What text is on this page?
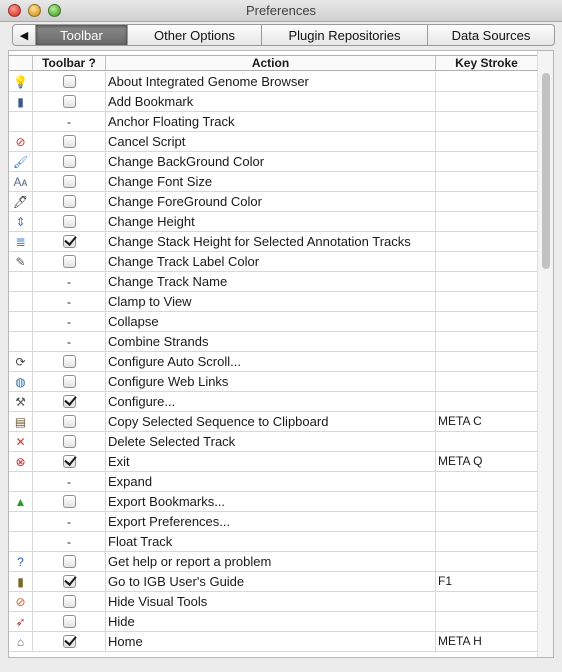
Preferences
◀	Toolbar	Other Options	Plugin Repositories	Data Sources
Toolbar ?	Action	Key Stroke
💡	About Integrated Genome Browser
▮	Add Bookmark
-	Anchor Floating Track
⊘	Cancel Script
🖌	Change BackGround Color
Aᴀ	Change Font Size
🖊	Change ForeGround Color
⇕	Change Height
≣	Change Stack Height for Selected Annotation Tracks
✎	Change Track Label Color
-	Change Track Name
-	Clamp to View
-	Collapse
-	Combine Strands
⟳	Configure Auto Scroll...
◍	Configure Web Links
⚒	Configure...
▤	Copy Selected Sequence to Clipboard	META C
✕	Delete Selected Track
⊗	Exit	META Q
-	Expand
▲	Export Bookmarks...
-	Export Preferences...
-	Float Track
?	Get help or report a problem
▮	Go to IGB User's Guide	F1
⊘	Hide Visual Tools
➶	Hide
⌂	Home	META H
